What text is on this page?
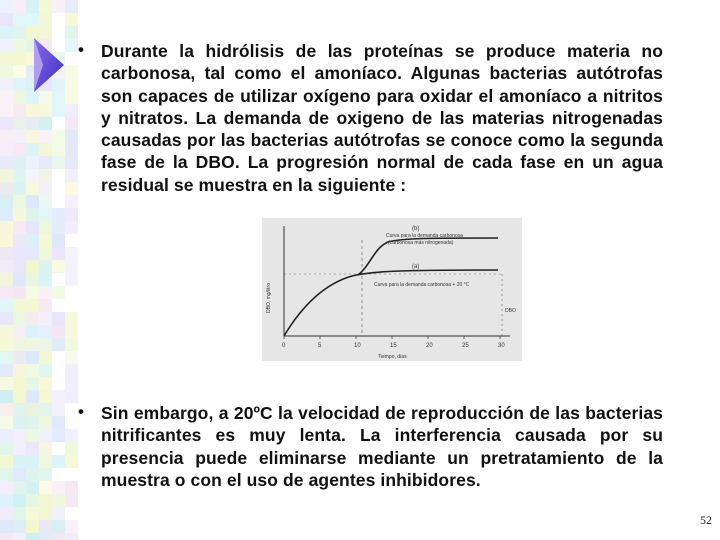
• Durante la hidrólisis de las proteínas se produce materia no carbonosa, tal como el amoníaco. Algunas bacterias autótrofas son capaces de utilizar oxígeno para oxidar el amoníaco a nitritos y nitratos. La demanda de oxigeno de las materias nitrogenadas causadas por las bacterias autótrofas se conoce como la segunda fase de la DBO. La progresión normal de cada fase en un agua residual se muestra en la siguiente :
(b)
Curva para la demanda carbonosa
(carbonosa más nitrogenada)
(a)
Curva para la demanda carbonosa + 20 °C
DBO
DBO, mg/litro
Tiempo, días
0	5	10	15	20	25	30
• Sin embargo, a 20ºC la velocidad de reproducción de las bacterias nitrificantes es muy lenta. La interferencia causada por su presencia puede eliminarse mediante un pretratamiento de la muestra o con el uso de agentes inhibidores.
52
